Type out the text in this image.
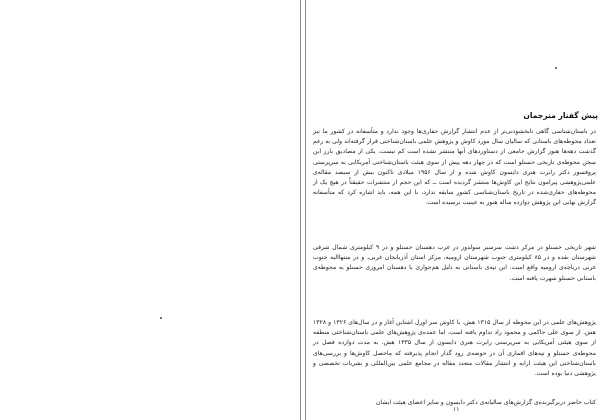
پیش گفتار مترجمان

در باستان‌شناسی گاهی نابخشودنی‌تر از عدم انتشار گزارش حفاری‌ها وجود ندارد و متأسفانه در کشور ما نیز تعداد محوطه‌های باستانی که سالیان سال مورد کاوش و پژوهش علمی باستان‌شناختی قرار گرفته‌اند ولی به رغم گذشت دهه‌ها هنوز گزارش جامعی از دستاوردهای آنها منتشر نشده است کم نیست. یکی از مصادیق بارز این سخن محوطه‌ی تاریخی حسنلو است که در چهار دهه پیش از سوی هیئت باستان‌شناختی آمریکایی به سرپرستی پروفسور دکتر رابرت هنری دایسون کاوش شده و از سال ۱۹۵۶ میلادی تاکنون بیش از سیصد مقاله‌ی علمی‌پژوهشی پیرامون نتایج این کاوش‌ها منتشر گردیده است ــ که این حجم از منتشرات حقیقتاً در هیچ یک از محوطه‌های حفاری‌شده در تاریخ باستان‌شناسی کشور سابقه ندارد، با این همه، باید اشاره کرد که متأسفانه گزارش نهایی این پژوهش دوازده ساله هنوز به عینیت نرسیده است.

شهر تاریخی حسنلو در مرکز دشت سرسبز سولدوز در غرب دهستان حسنلو و در ۹ کیلومتری شمال شرقی شهرستان نقده و در ۸۵ کیلومتری جنوب شهرستان ارومیه، مرکز استان آذربایجان غربی، و در منتهاالیه جنوب غربی دریاچه‌ی ارومیه واقع است. این تپه‌ی باستانی به دلیل هم‌جواری با دهستان امروزی حسنلو به محوطه‌ی باستانی حسنلو شهرت یافته است.

پژوهش‌های علمی در این محوطه از سال ۱۳۱۵ هش. با کاوش سر اورل اشتاین آغاز و در سال‌های ۱۳۲۶ و ۱۳۲۸ هش. از سوی علی حاکمی و محمود راد تداوم یافته است، اما عمده‌ی پژوهش‌های علمی باستان‌شناختی منطقه از سوی هیئتی آمریکایی به سرپرستی رابرت هنری دایسون از سال ۱۳۳۵ هش. به مدت دوازده فصل در محوطه‌ی حسنلو و تپه‌های اقماری آن در حوضه‌ی رود گدار انجام پذیرفته که ماحصل کاوش‌ها و بررسی‌های باستان‌شناختی این هیئت ارایه و انتشار مقالات متعدد مقاله در مجامع علمی بین‌المللی و نشریات تخصصی و پژوهشی دنیا بوده است.

کتاب حاضر دربرگیرنده‌ی گزارش‌های سالیانه‌ی دکتر دایسون و سایر اعضای هیئت ایشان

۱۱
